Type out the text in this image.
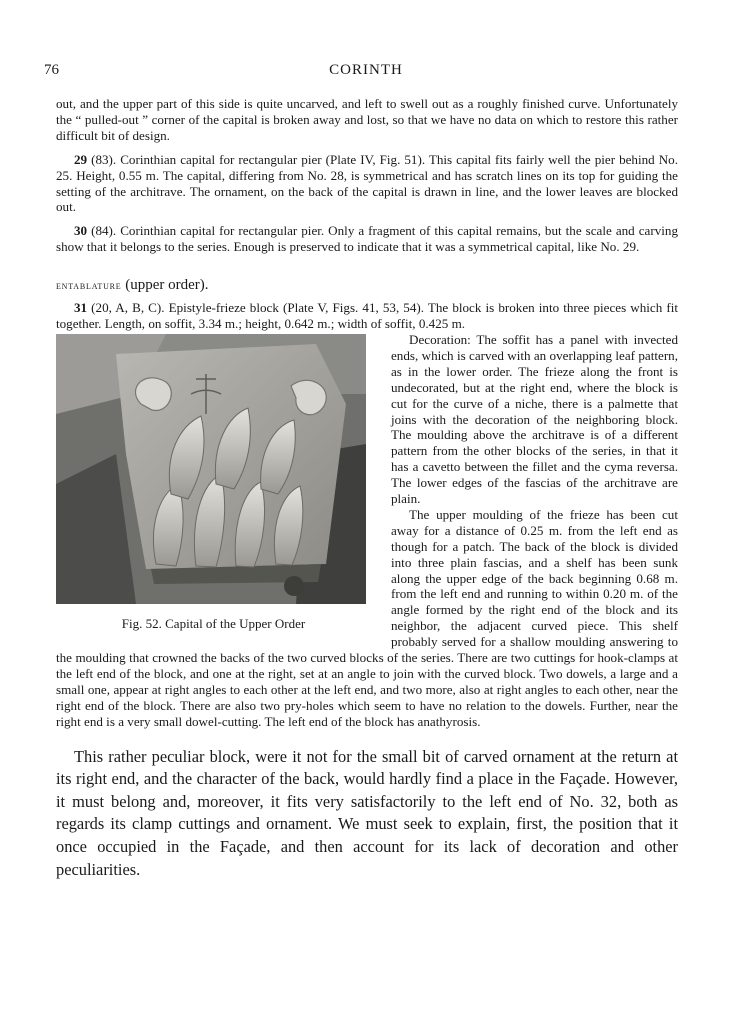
76	CORINTH

out, and the upper part of this side is quite uncarved, and left to swell out as a roughly finished curve. Unfortunately the “ pulled-out ” corner of the capital is broken away and lost, so that we have no data on which to restore this rather difficult bit of design.

29 (83). Corinthian capital for rectangular pier (Plate IV, Fig. 51). This capital fits fairly well the pier behind No. 25. Height, 0.55 m. The capital, differing from No. 28, is symmetrical and has scratch lines on its top for guiding the setting of the architrave. The ornament, on the back of the capital is drawn in line, and the lower leaves are blocked out.

30 (84). Corinthian capital for rectangular pier. Only a fragment of this capital remains, but the scale and carving show that it belongs to the series. Enough is preserved to indicate that it was a symmetrical capital, like No. 29.

entablature (upper order).

31 (20, A, B, C). Epistyle-frieze block (Plate V, Figs. 41, 53, 54). The block is broken into three pieces which fit together. Length, on soffit, 3.34 m.; height, 0.642 m.; width of soffit, 0.425 m.

Fig. 52. Capital of the Upper Order

Decoration: The soffit has a panel with invected ends, which is carved with an overlapping leaf pattern, as in the lower order. The frieze along the front is undecorated, but at the right end, where the block is cut for the curve of a niche, there is a palmette that joins with the decoration of the neighboring block. The moulding above the architrave is of a different pattern from the other blocks of the series, in that it has a cavetto between the fillet and the cyma reversa. The lower edges of the fascias of the architrave are plain.

The upper moulding of the frieze has been cut away for a distance of 0.25 m. from the left end as though for a patch. The back of the block is divided into three plain fascias, and a shelf has been sunk along the upper edge of the back beginning 0.68 m. from the left end and running to within 0.20 m. of the angle formed by the right end of the block and its neighbor, the adjacent curved piece. This shelf probably served for a shallow moulding answering to the moulding that crowned the backs of the two curved blocks of the series. There are two cuttings for hook-clamps at the left end of the block, and one at the right, set at an angle to join with the curved block. Two dowels, a large and a small one, appear at right angles to each other at the left end, and two more, also at right angles to each other, near the right end of the block. There are also two pry-holes which seem to have no relation to the dowels. Further, near the right end is a very small dowel-cutting. The left end of the block has anathyrosis.

This rather peculiar block, were it not for the small bit of carved ornament at the return at its right end, and the character of the back, would hardly find a place in the Façade. However, it must belong and, moreover, it fits very satisfactorily to the left end of No. 32, both as regards its clamp cuttings and ornament. We must seek to explain, first, the position that it once occupied in the Façade, and then account for its lack of decoration and other peculiarities.
